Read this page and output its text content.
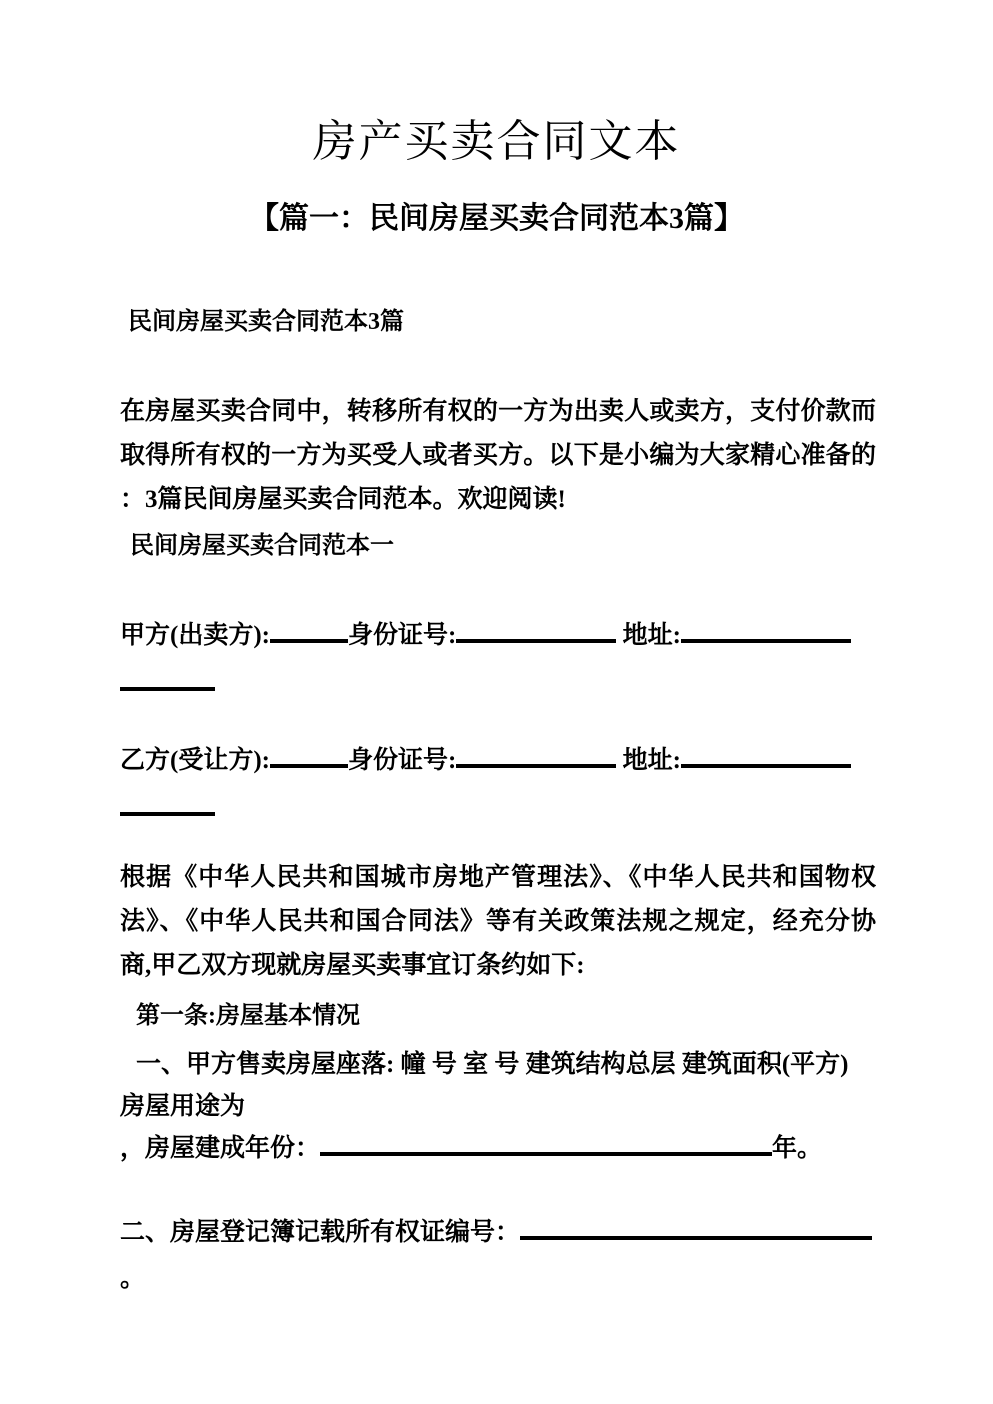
房产买卖合同文本
【篇一：民间房屋买卖合同范本3篇】
民间房屋买卖合同范本3篇
在房屋买卖合同中，转移所有权的一方为出卖人或卖方，支付价款而
取得所有权的一方为买受人或者买方。以下是小编为大家精心准备的
：3篇民间房屋买卖合同范本。欢迎阅读!
民间房屋买卖合同范本一
甲方(出卖方):	身份证号:	地址:
乙方(受让方):	身份证号:	地址:
根据《中华人民共和国城市房地产管理法》、《中华人民共和国物权
法》、《中华人民共和国合同法》等有关政策法规之规定，经充分协
商,甲乙双方现就房屋买卖事宜订条约如下:
第一条:房屋基本情况
一、甲方售卖房屋座落: 幢 号 室 号 建筑结构总层 建筑面积(平方)
房屋用途为
，房屋建成年份：	年。
二、房屋登记簿记载所有权证编号：
。
